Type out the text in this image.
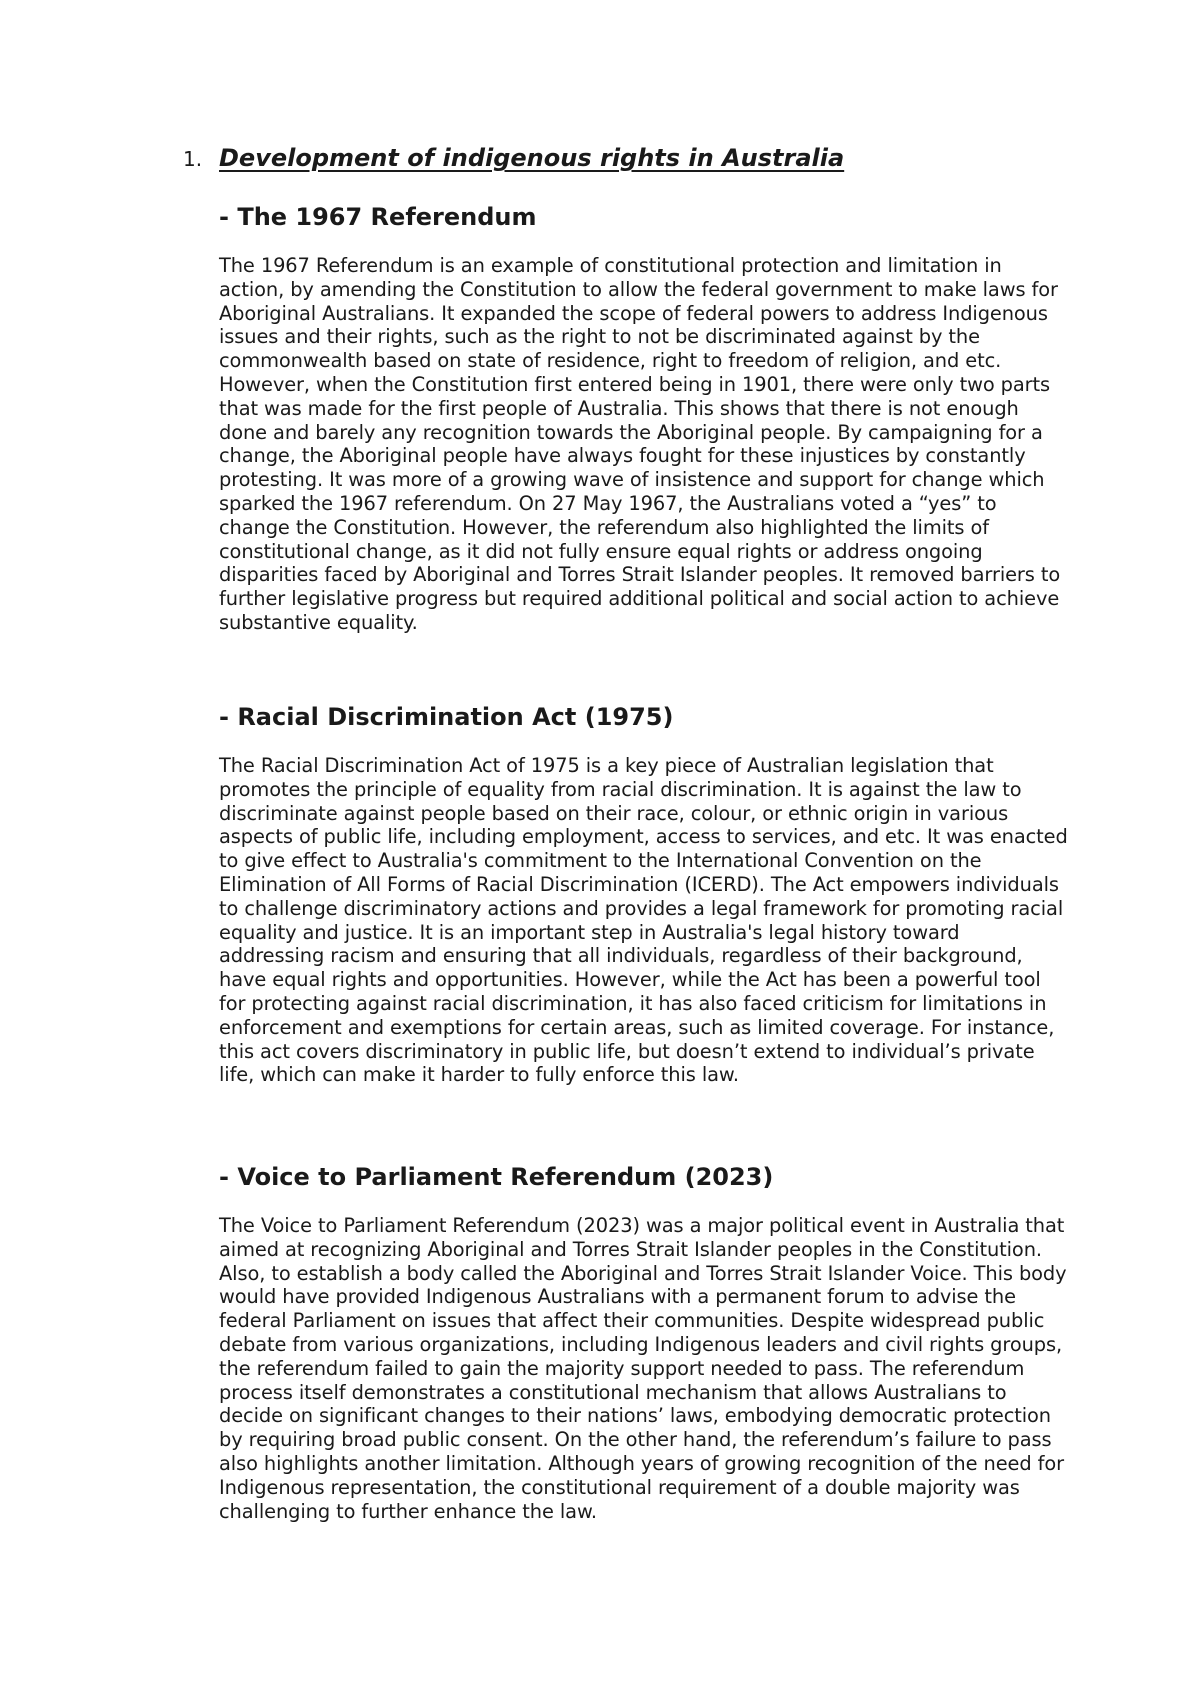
1. Development of indigenous rights in Australia
- The 1967 Referendum

The 1967 Referendum is an example of constitutional protection and limitation in action, by amending the Constitution to allow the federal government to make laws for Aboriginal Australians. It expanded the scope of federal powers to address Indigenous issues and their rights, such as the right to not be discriminated against by the commonwealth based on state of residence, right to freedom of religion, and etc. However, when the Constitution first entered being in 1901, there were only two parts that was made for the first people of Australia. This shows that there is not enough done and barely any recognition towards the Aboriginal people. By campaigning for a change, the Aboriginal people have always fought for these injustices by constantly protesting. It was more of a growing wave of insistence and support for change which sparked the 1967 referendum. On 27 May 1967, the Australians voted a “yes” to change the Constitution. However, the referendum also highlighted the limits of constitutional change, as it did not fully ensure equal rights or address ongoing disparities faced by Aboriginal and Torres Strait Islander peoples. It removed barriers to further legislative progress but required additional political and social action to achieve substantive equality.

- Racial Discrimination Act (1975)

The Racial Discrimination Act of 1975 is a key piece of Australian legislation that promotes the principle of equality from racial discrimination. It is against the law to discriminate against people based on their race, colour, or ethnic origin in various aspects of public life, including employment, access to services, and etc. It was enacted to give effect to Australia's commitment to the International Convention on the Elimination of All Forms of Racial Discrimination (ICERD). The Act empowers individuals to challenge discriminatory actions and provides a legal framework for promoting racial equality and justice. It is an important step in Australia's legal history toward addressing racism and ensuring that all individuals, regardless of their background, have equal rights and opportunities. However, while the Act has been a powerful tool for protecting against racial discrimination, it has also faced criticism for limitations in enforcement and exemptions for certain areas, such as limited coverage. For instance, this act covers discriminatory in public life, but doesn’t extend to individual’s private life, which can make it harder to fully enforce this law.

- Voice to Parliament Referendum (2023)

The Voice to Parliament Referendum (2023) was a major political event in Australia that aimed at recognizing Aboriginal and Torres Strait Islander peoples in the Constitution. Also, to establish a body called the Aboriginal and Torres Strait Islander Voice. This body would have provided Indigenous Australians with a permanent forum to advise the federal Parliament on issues that affect their communities. Despite widespread public debate from various organizations, including Indigenous leaders and civil rights groups, the referendum failed to gain the majority support needed to pass. The referendum process itself demonstrates a constitutional mechanism that allows Australians to decide on significant changes to their nations’ laws, embodying democratic protection by requiring broad public consent. On the other hand, the referendum’s failure to pass also highlights another limitation. Although years of growing recognition of the need for Indigenous representation, the constitutional requirement of a double majority was challenging to further enhance the law.
